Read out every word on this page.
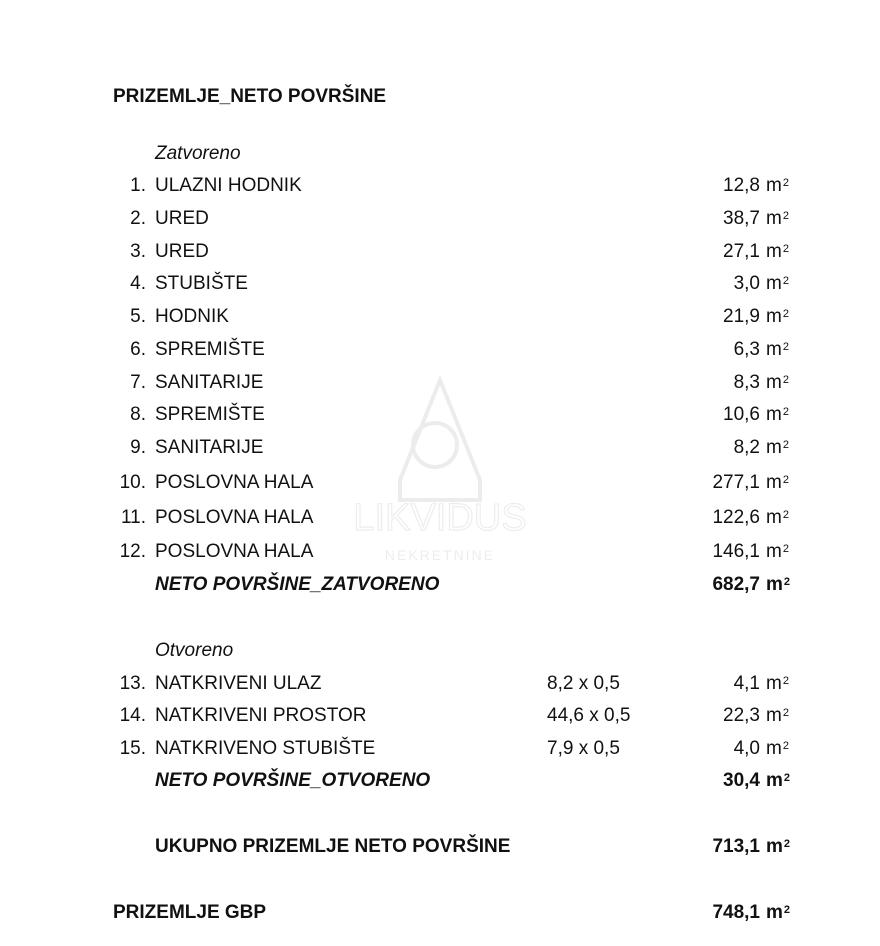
LIKVIDUS
NEKRETNINE
PRIZEMLJE_NETO POVRŠINE
Zatvoreno
1. ULAZNI HODNIK	12,8 $m^2$
2. URED	38,7 $m^2$
3. URED	27,1 $m^2$
4. STUBIŠTE	3,0 $m^2$
5. HODNIK	21,9 $m^2$
6. SPREMIŠTE	6,3 $m^2$
7. SANITARIJE	8,3 $m^2$
8. SPREMIŠTE	10,6 $m^2$
9. SANITARIJE	8,2 $m^2$
10. POSLOVNA HALA	277,1 $m^2$
11. POSLOVNA HALA	122,6 $m^2$
12. POSLOVNA HALA	146,1 $m^2$
NETO POVRŠINE_ZATVORENO	682,7 $m^2$
Otvoreno
13. NATKRIVENI ULAZ	8,2 x 0,5	4,1 $m^2$
14. NATKRIVENI PROSTOR	44,6 x 0,5	22,3 $m^2$
15. NATKRIVENO STUBIŠTE	7,9 x 0,5	4,0 $m^2$
NETO POVRŠINE_OTVORENO	30,4 $m^2$
UKUPNO PRIZEMLJE NETO POVRŠINE	713,1 $m^2$
PRIZEMLJE GBP	748,1 $m^2$
